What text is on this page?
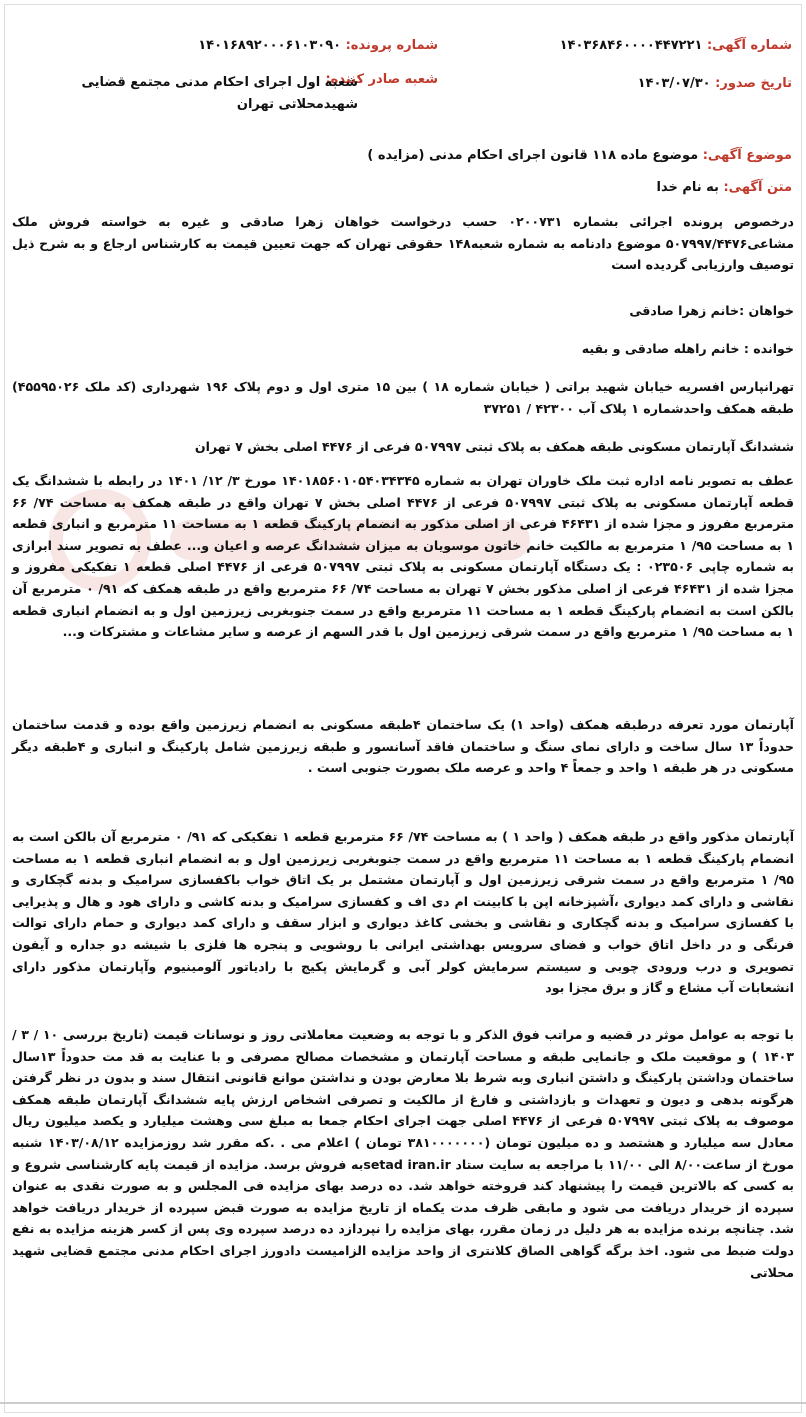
شماره آگهی: ۱۴۰۳۶۸۴۶۰۰۰۰۴۴۷۲۲۱
شماره پرونده: ۱۴۰۱۶۸۹۲۰۰۰۶۱۰۳۰۹۰
تاریخ صدور: ۱۴۰۳/۰۷/۳۰
شعبه صادر کننده:
شعبه اول اجرای احکام مدنی مجتمع قضایی شهیدمحلاتی تهران
موضوع آگهی: موضوع ماده ۱۱۸ قانون اجرای احکام مدنی (مزایده )
متن آگهی: به نام خدا

درخصوص پرونده اجرائی بشماره ۰۲۰۰۷۳۱ حسب درخواست خواهان زهرا صادقی و غیره به خواسته فروش ملک مشاعی۵۰۷۹۹۷/۴۴۷۶ موضوع دادنامه به شماره شعبه۱۴۸ حقوقی تهران که جهت تعیین قیمت به کارشناس ارجاع و به شرح ذیل توصیف وارزیابی گردیده است

خواهان :خانم زهرا صادقی

خوانده : خانم راهله صادقی و بقیه

تهرانپارس افسریه خیابان شهید براتی ( خیابان شماره ۱۸ ) بین ۱۵ متری اول و دوم پلاک ۱۹۶ شهرداری (کد ملک ۴۵۵۹۵۰۲۶) طبقه همکف واحدشماره ۱ پلاک آب ۴۲۳۰۰ / ۳۷۲۵۱

ششدانگ آپارتمان مسکونی طبقه همکف به پلاک ثبتی ۵۰۷۹۹۷ فرعی از ۴۴۷۶ اصلی بخش ۷ تهران

عطف به تصویر نامه اداره ثبت ملک خاوران تهران به شماره ۱۴۰۱۸۵۶۰۱۰۵۴۰۳۴۳۴۵ مورخ ۳/ ۱۲/ ۱۴۰۱ در رابطه با ششدانگ یک قطعه آپارتمان مسکونی به پلاک ثبتی ۵۰۷۹۹۷ فرعی از ۴۴۷۶ اصلی بخش ۷ تهران واقع در طبقه همکف به مساحت ۷۴/ ۶۶ مترمربع مفروز و مجزا شده از ۴۶۴۳۱ فرعی از اصلی مذکور به انضمام پارکینگ قطعه ۱ به مساحت ۱۱ مترمربع و انباری قطعه ۱ به مساحت ۹۵/ ۱ مترمربع به مالکیت خانم خاتون موسویان به میزان ششدانگ عرصه و اعیان و... عطف به تصویر سند ابرازی به شماره چاپی ۰۲۳۵۰۶ : یک دستگاه آپارتمان مسکونی به پلاک ثبتی ۵۰۷۹۹۷ فرعی از ۴۴۷۶ اصلی قطعه ۱ تفکیکی مفروز و مجزا شده از ۴۶۴۳۱ فرعی از اصلی مذکور بخش ۷ تهران به مساحت ۷۴/ ۶۶ مترمربع واقع در طبقه همکف که ۹۱/ ۰ مترمربع آن بالکن است به انضمام پارکینگ قطعه ۱ به مساحت ۱۱ مترمربع واقع در سمت جنوبغربی زیرزمین اول و به انضمام انباری قطعه ۱ به مساحت ۹۵/ ۱ مترمربع واقع در سمت شرقی زیرزمین اول با قدر السهم از عرصه و سایر مشاعات و مشترکات و...

آپارتمان مورد تعرفه درطبقه همکف (واحد ۱) یک ساختمان ۴طبقه مسکونی به انضمام زیرزمین واقع بوده و قدمت ساختمان حدوداً ۱۳ سال ساخت و دارای نمای سنگ و ساختمان فاقد آسانسور و طبقه زیرزمین شامل پارکینگ و انباری و ۴طبقه دیگر مسکونی در هر طبقه ۱ واحد و جمعاً ۴ واحد و عرصه ملک بصورت جنوبی است .

آپارتمان مذکور واقع در طبقه همکف ( واحد ۱ ) به مساحت ۷۴/ ۶۶ مترمربع قطعه ۱ تفکیکی که ۹۱/ ۰ مترمربع آن بالکن است به انضمام پارکینگ قطعه ۱ به مساحت ۱۱ مترمربع واقع در سمت جنوبغربی زیرزمین اول و به انضمام انباری قطعه ۱ به مساحت ۹۵/ ۱ مترمربع واقع در سمت شرقی زیرزمین اول و آپارتمان مشتمل بر یک اتاق خواب باکفسازی سرامیک و بدنه گچکاری و نقاشی و دارای کمد دیواری ،آشپزخانه اپن با کابینت ام دی اف و کفسازی سرامیک و بدنه کاشی و دارای هود و هال و پذیرایی با کفسازی سرامیک و بدنه گچکاری و نقاشی و بخشی کاغذ دیواری و ابزار سقف و دارای کمد دیواری و حمام دارای توالت فرنگی و در داخل اتاق خواب و فضای سرویس بهداشتی ایرانی با روشویی و پنجره ها فلزی با شیشه دو جداره و آیفون تصویری و درب ورودی چوبی و سیستم سرمایش کولر آبی و گرمایش پکیج با رادیاتور آلومینیوم وآپارتمان مذکور دارای انشعابات آب مشاع و گاز و برق مجزا بود

با توجه به عوامل موثر در قضیه و مراتب فوق الذکر و با توجه به وضعیت معاملاتی روز و نوسانات قیمت (تاریخ بررسی ۱۰ / ۳ / ۱۴۰۳ ) و موقعیت ملک و جانمایی طبقه و مساحت آپارتمان و مشخصات مصالح مصرفی و با عنایت به قد مت حدوداً ۱۳سال ساختمان وداشتن پارکینگ و داشتن انباری وبه شرط بلا معارض بودن و نداشتن موانع قانونی انتقال سند و بدون در نظر گرفتن هرگونه بدهی و دیون و تعهدات و بازداشتی و فارغ از مالکیت و تصرفی اشخاص ارزش پایه ششدانگ آپارتمان طبقه همکف موصوف به پلاک ثبتی ۵۰۷۹۹۷ فرعی از ۴۴۷۶ اصلی جهت اجرای احکام جمعا به مبلغ سی وهشت میلیارد و یکصد میلیون ریال معادل سه میلیارد و هشتصد و ده میلیون تومان (۳۸۱۰۰۰۰۰۰۰ تومان ) اعلام می . .که مقرر شد روزمزایده ۱۴۰۳/۰۸/۱۲ شنبه مورخ از ساعت۸/۰۰ الی ۱۱/۰۰ با مراجعه به سایت ستاد setad iran.irبه فروش برسد. مزایده از قیمت پایه کارشناسی شروع و به کسی که بالاترین قیمت را پیشنهاد کند فروخته خواهد شد. ده درصد بهای مزایده فی المجلس و به صورت نقدی به عنوان سپرده از خریدار دریافت می شود و مابقی ظرف مدت یکماه از تاریخ مزایده به صورت قبض سپرده از خریدار دریافت خواهد شد. چنانچه برنده مزایده به هر دلیل در زمان مقرر، بهای مزایده را نپردازد ده درصد سپرده وی پس از کسر هزینه مزایده به نفع دولت ضبط می شود. اخذ برگه گواهی الصاق کلانتری از واحد مزایده الزامیست دادورز اجرای احکام مدنی مجتمع قضایی شهید محلاتی
